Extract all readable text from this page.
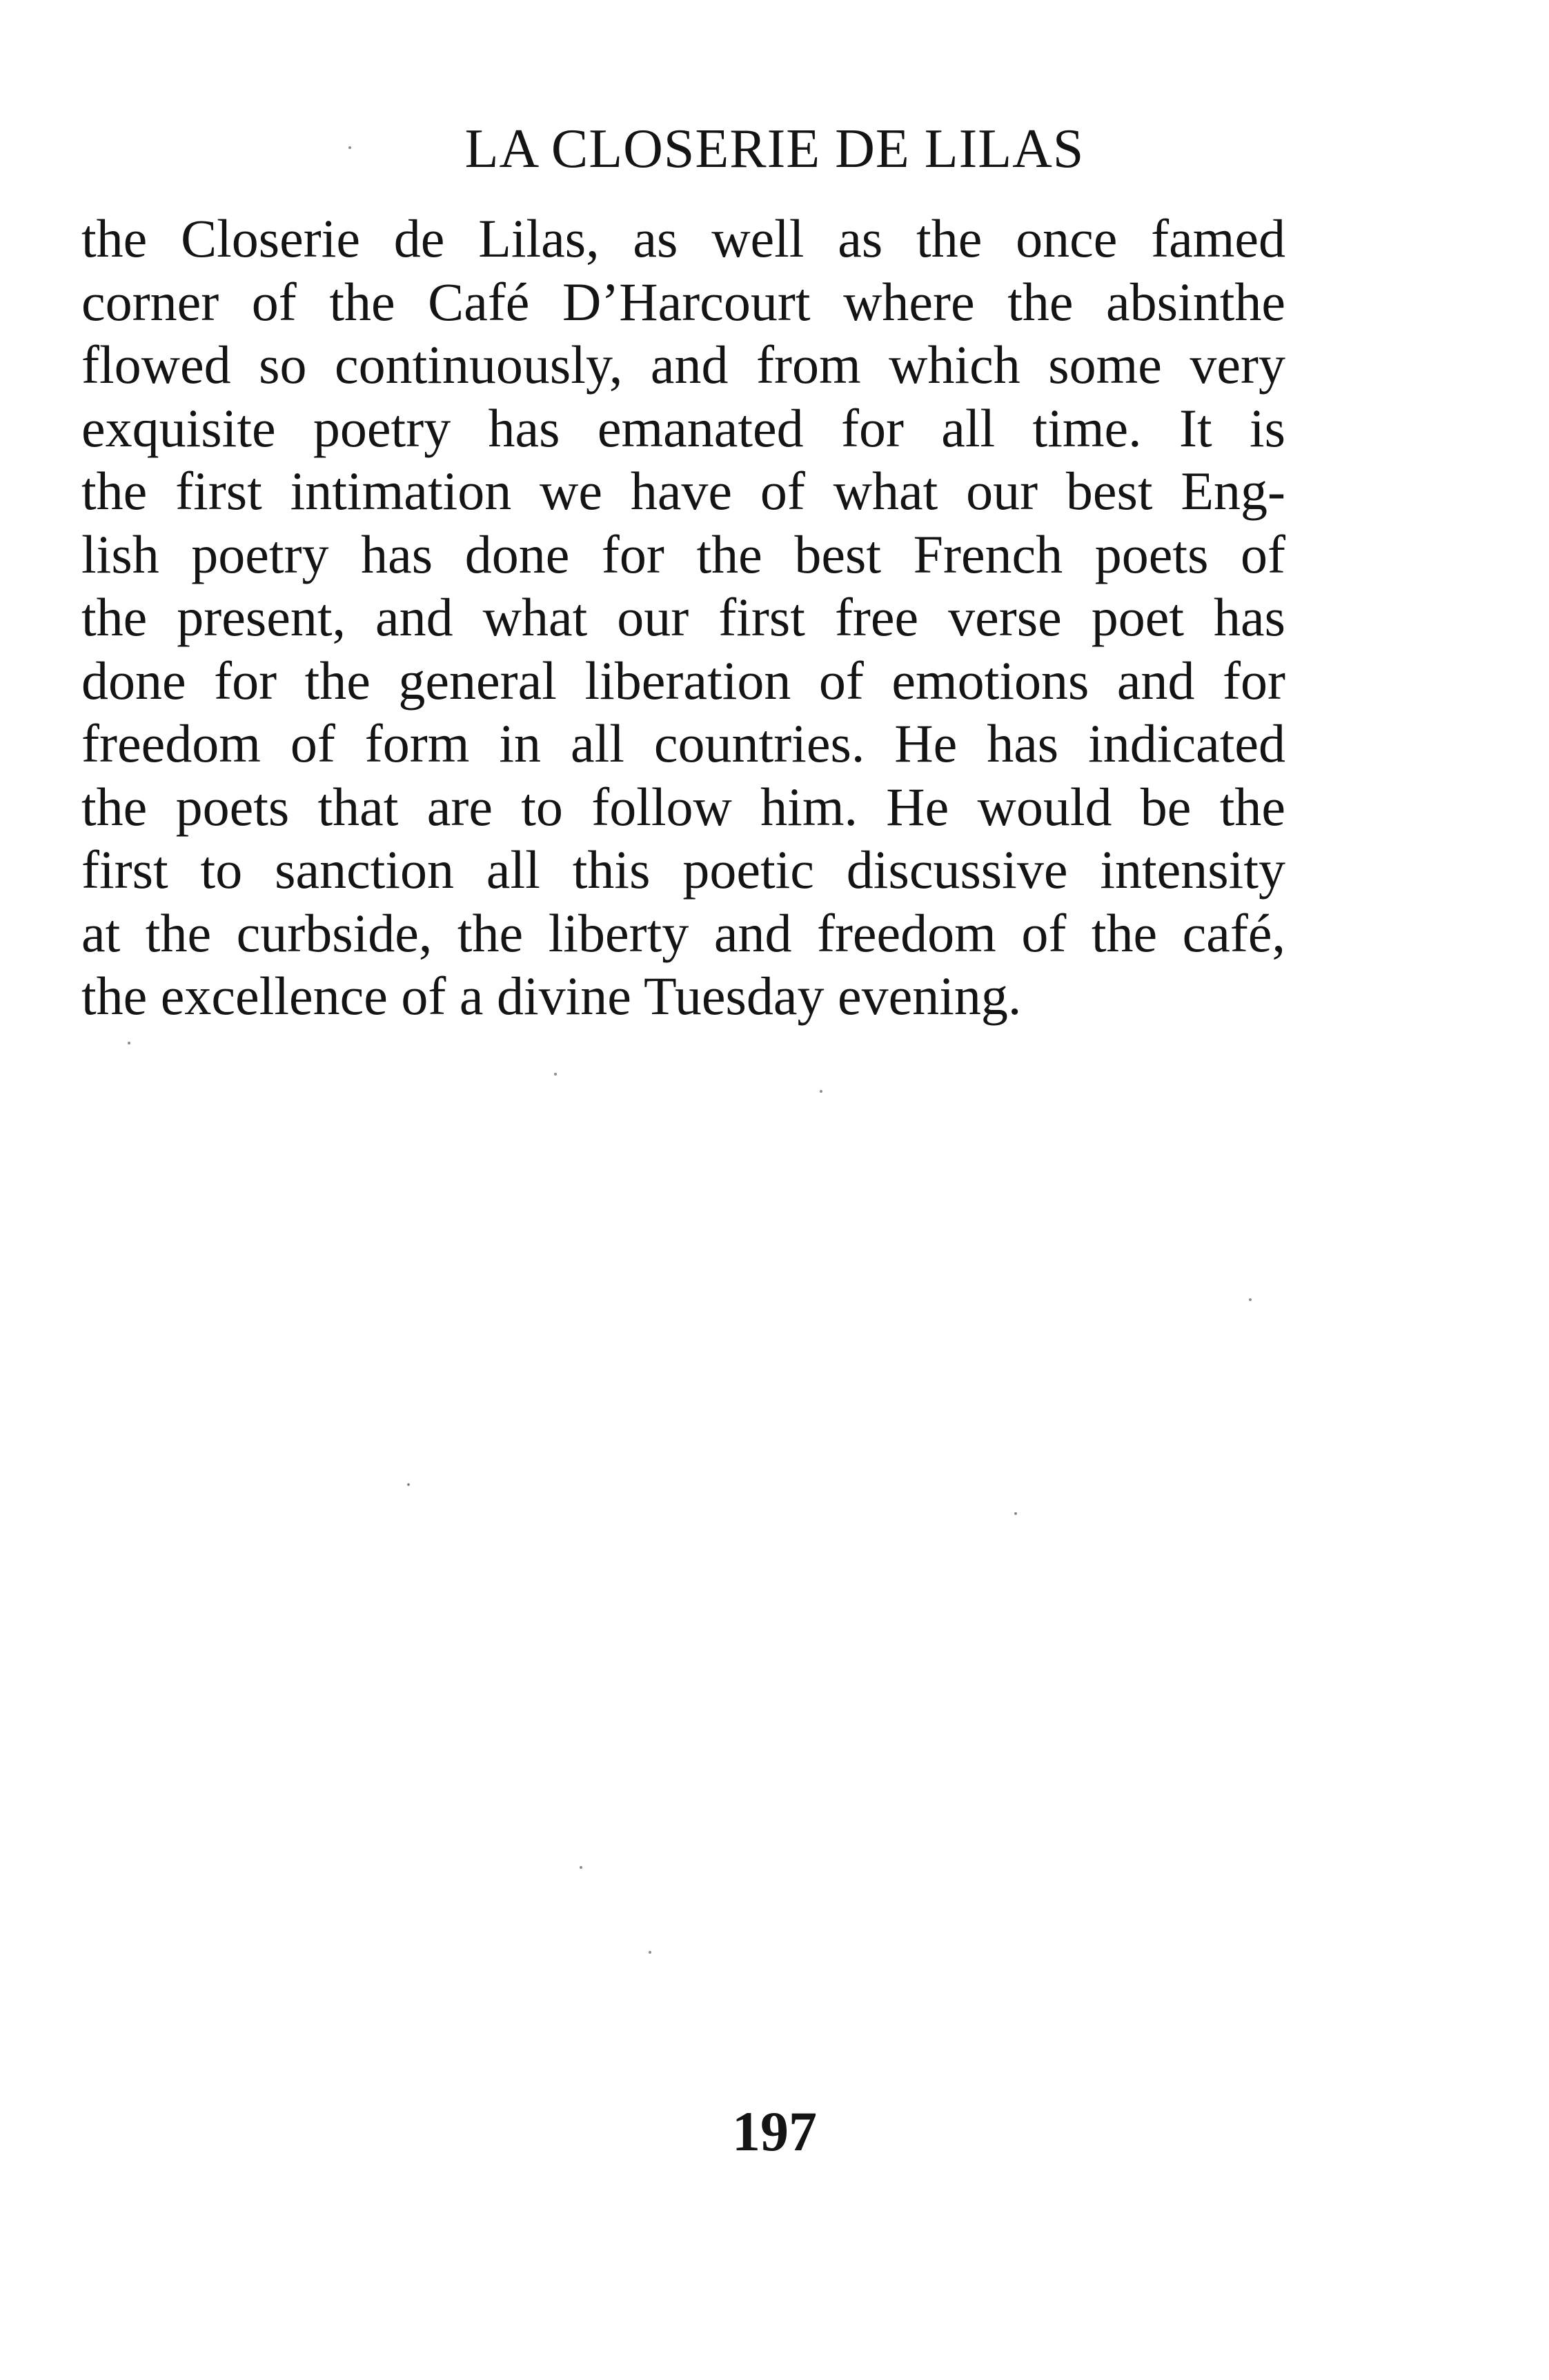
LA CLOSERIE DE LILAS
the Closerie de Lilas, as well as the once famed
corner of the Café D’Harcourt where the absinthe
flowed so continuously, and from which some very
exquisite poetry has emanated for all time. It is
the first intimation we have of what our best Eng-
lish poetry has done for the best French poets of
the present, and what our first free verse poet has
done for the general liberation of emotions and for
freedom of form in all countries. He has indicated
the poets that are to follow him. He would be the
first to sanction all this poetic discussive intensity
at the curbside, the liberty and freedom of the café,
the excellence of a divine Tuesday evening.
197
